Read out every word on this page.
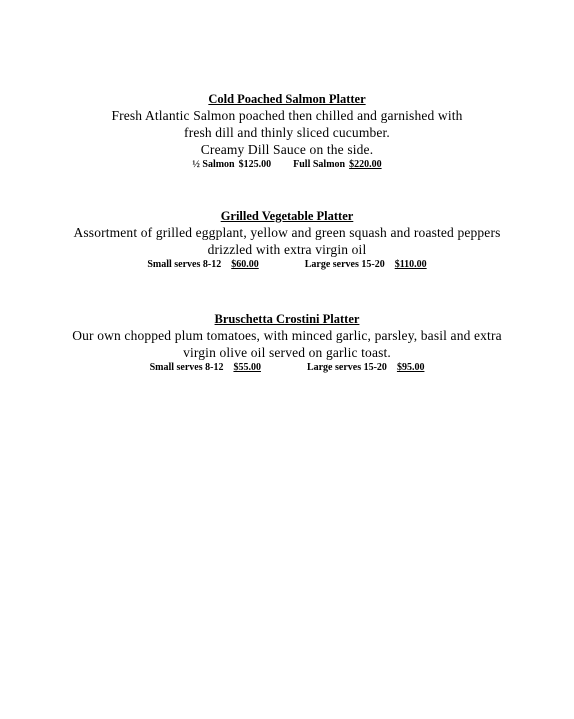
Cold Poached Salmon Platter

Fresh Atlantic Salmon poached then chilled and garnished with

fresh dill and thinly sliced cucumber.

Creamy Dill Sauce on the side.

½ Salmon $125.00 Full Salmon $220.00

Grilled Vegetable Platter

Assortment of grilled eggplant, yellow and green squash and roasted peppers

drizzled with extra virgin oil

Small serves 8-12 $60.00	Large serves 15-20 $110.00

Bruschetta Crostini Platter

Our own chopped plum tomatoes, with minced garlic, parsley, basil and extra

virgin olive oil served on garlic toast.

Small serves 8-12 $55.00	Large serves 15-20 $95.00
